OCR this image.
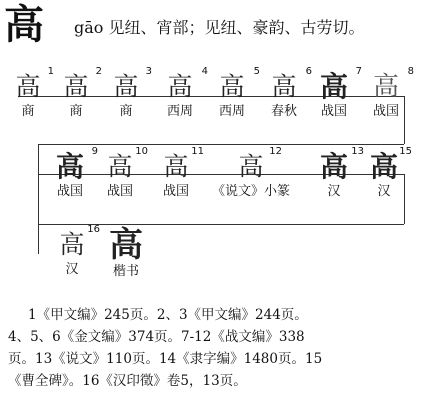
高 gāo 见纽、宵部；见纽、豪韵、古劳切。
高
1
商
高
2
商
高
3
商
高
4
西周
高
5
西周
高
6
春秋
高 7
战国
高
8
战国
高 9
战国
高
10
战国
高
11
战国
高
12
《说文》小篆
高 13
汉
高 15
汉
高
16
汉
高
楷书
1《甲文编》245页。2、3《甲文编》244页。
4、5、6《金文编》374页。7-12《战文编》338
页。13《说文》110页。14《隶字编》1480页。15
《曹全碑》。16《汉印徵》卷5，13页。
